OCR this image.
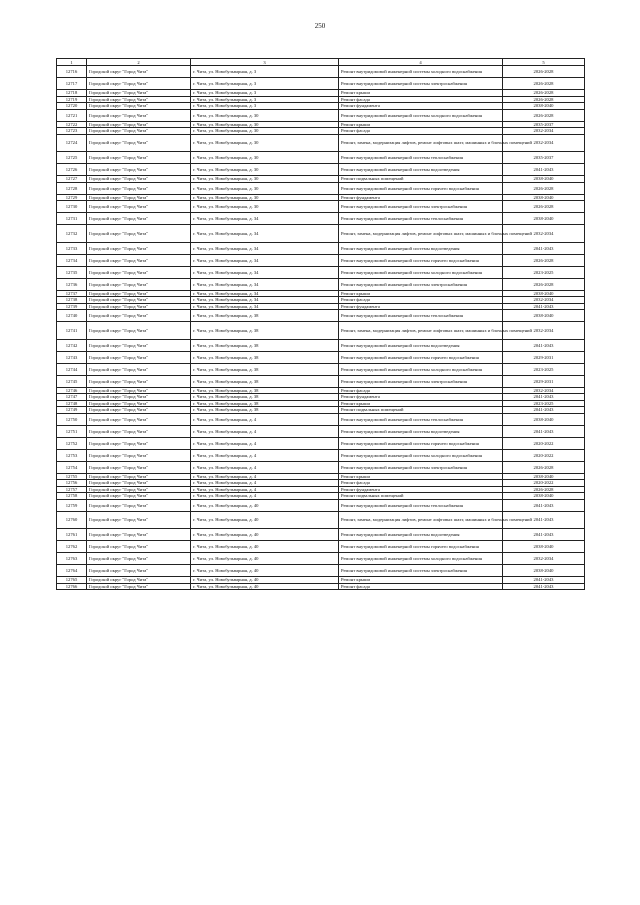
250
1	2	3	4	5
12716	Городской округ "Город Чита"	г. Чита, ул. Новобульварная, д. 3	Ремонт внутридомовой инженерной системы холодного водоснабжения	2026-2028
12717	Городской округ "Город Чита"	г. Чита, ул. Новобульварная, д. 3	Ремонт внутридомовой инженерной системы электроснабжения	2026-2028
12718	Городской округ "Город Чита"	г. Чита, ул. Новобульварная, д. 3	Ремонт крыши	2026-2028
12719	Городской округ "Город Чита"	г. Чита, ул. Новобульварная, д. 3	Ремонт фасада	2026-2028
12720	Городской округ "Город Чита"	г. Чита, ул. Новобульварная, д. 3	Ремонт фундамента	2038-2040
12721	Городской округ "Город Чита"	г. Чита, ул. Новобульварная, д. 30	Ремонт внутридомовой инженерной системы холодного водоснабжения	2026-2028
12722	Городской округ "Город Чита"	г. Чита, ул. Новобульварная, д. 30	Ремонт крыши	2035-2037
12723	Городской округ "Город Чита"	г. Чита, ул. Новобульварная, д. 30	Ремонт фасада	2032-2034
12724	Городской округ "Город Чита"	г. Чита, ул. Новобульварная, д. 30	Ремонт, замена, модернизация лифтов, ремонт лифтовых шахт, машинных и блочных помещений	2032-2034
12725	Городской округ "Город Чита"	г. Чита, ул. Новобульварная, д. 30	Ремонт внутридомовой инженерной системы теплоснабжения	2035-2037
12726	Городской округ "Город Чита"	г. Чита, ул. Новобульварная, д. 30	Ремонт внутридомовой инженерной системы водоотведения	2041-2043
12727	Городской округ "Город Чита"	г. Чита, ул. Новобульварная, д. 30	Ремонт подвальных помещений	2038-2040
12728	Городской округ "Город Чита"	г. Чита, ул. Новобульварная, д. 30	Ремонт внутридомовой инженерной системы горячего водоснабжения	2026-2028
12729	Городской округ "Город Чита"	г. Чита, ул. Новобульварная, д. 30	Ремонт фундамента	2038-2040
12730	Городской округ "Город Чита"	г. Чита, ул. Новобульварная, д. 30	Ремонт внутридомовой инженерной системы электроснабжения	2026-2028
12731	Городской округ "Город Чита"	г. Чита, ул. Новобульварная, д. 34	Ремонт внутридомовой инженерной системы теплоснабжения	2038-2040
12732	Городской округ "Город Чита"	г. Чита, ул. Новобульварная, д. 34	Ремонт, замена, модернизация лифтов, ремонт лифтовых шахт, машинных и блочных помещений	2032-2034
12733	Городской округ "Город Чита"	г. Чита, ул. Новобульварная, д. 34	Ремонт внутридомовой инженерной системы водоотведения	2041-2043
12734	Городской округ "Город Чита"	г. Чита, ул. Новобульварная, д. 34	Ремонт внутридомовой инженерной системы горячего водоснабжения	2026-2028
12735	Городской округ "Город Чита"	г. Чита, ул. Новобульварная, д. 34	Ремонт внутридомовой инженерной системы холодного водоснабжения	2023-2025
12736	Городской округ "Город Чита"	г. Чита, ул. Новобульварная, д. 34	Ремонт внутридомовой инженерной системы электроснабжения	2026-2028
12737	Городской округ "Город Чита"	г. Чита, ул. Новобульварная, д. 34	Ремонт крыши	2038-2040
12738	Городской округ "Город Чита"	г. Чита, ул. Новобульварная, д. 34	Ремонт фасада	2032-2034
12739	Городской округ "Город Чита"	г. Чита, ул. Новобульварная, д. 34	Ремонт фундамента	2041-2043
12740	Городской округ "Город Чита"	г. Чита, ул. Новобульварная, д. 38	Ремонт внутридомовой инженерной системы теплоснабжения	2038-2040
12741	Городской округ "Город Чита"	г. Чита, ул. Новобульварная, д. 38	Ремонт, замена, модернизация лифтов, ремонт лифтовых шахт, машинных и блочных помещений	2032-2034
12742	Городской округ "Город Чита"	г. Чита, ул. Новобульварная, д. 38	Ремонт внутридомовой инженерной системы водоотведения	2041-2043
12743	Городской округ "Город Чита"	г. Чита, ул. Новобульварная, д. 38	Ремонт внутридомовой инженерной системы горячего водоснабжения	2029-2031
12744	Городской округ "Город Чита"	г. Чита, ул. Новобульварная, д. 38	Ремонт внутридомовой инженерной системы холодного водоснабжения	2023-2025
12745	Городской округ "Город Чита"	г. Чита, ул. Новобульварная, д. 38	Ремонт внутридомовой инженерной системы электроснабжения	2029-2031
12746	Городской округ "Город Чита"	г. Чита, ул. Новобульварная, д. 38	Ремонт фасада	2032-2034
12747	Городской округ "Город Чита"	г. Чита, ул. Новобульварная, д. 38	Ремонт фундамента	2041-2043
12748	Городской округ "Город Чита"	г. Чита, ул. Новобульварная, д. 38	Ремонт крыши	2023-2025
12749	Городской округ "Город Чита"	г. Чита, ул. Новобульварная, д. 38	Ремонт подвальных помещений	2041-2043
12750	Городской округ "Город Чита"	г. Чита, ул. Новобульварная, д. 4	Ремонт внутридомовой инженерной системы теплоснабжения	2038-2040
12751	Городской округ "Город Чита"	г. Чита, ул. Новобульварная, д. 4	Ремонт внутридомовой инженерной системы водоотведения	2041-2043
12752	Городской округ "Город Чита"	г. Чита, ул. Новобульварная, д. 4	Ремонт внутридомовой инженерной системы горячего водоснабжения	2020-2022
12753	Городской округ "Город Чита"	г. Чита, ул. Новобульварная, д. 4	Ремонт внутридомовой инженерной системы холодного водоснабжения	2020-2022
12754	Городской округ "Город Чита"	г. Чита, ул. Новобульварная, д. 4	Ремонт внутридомовой инженерной системы электроснабжения	2026-2028
12755	Городской округ "Город Чита"	г. Чита, ул. Новобульварная, д. 4	Ремонт крыши	2038-2040
12756	Городской округ "Город Чита"	г. Чита, ул. Новобульварная, д. 4	Ремонт фасада	2020-2022
12757	Городской округ "Город Чита"	г. Чита, ул. Новобульварная, д. 4	Ремонт фундамента	2026-2028
12758	Городской округ "Город Чита"	г. Чита, ул. Новобульварная, д. 4	Ремонт подвальных помещений	2038-2040
12759	Городской округ "Город Чита"	г. Чита, ул. Новобульварная, д. 40	Ремонт внутридомовой инженерной системы теплоснабжения	2041-2043
12760	Городской округ "Город Чита"	г. Чита, ул. Новобульварная, д. 40	Ремонт, замена, модернизация лифтов, ремонт лифтовых шахт, машинных и блочных помещений	2041-2043
12761	Городской округ "Город Чита"	г. Чита, ул. Новобульварная, д. 40	Ремонт внутридомовой инженерной системы водоотведения	2041-2043
12762	Городской округ "Город Чита"	г. Чита, ул. Новобульварная, д. 40	Ремонт внутридомовой инженерной системы горячего водоснабжения	2038-2040
12763	Городской округ "Город Чита"	г. Чита, ул. Новобульварная, д. 40	Ремонт внутридомовой инженерной системы холодного водоснабжения	2032-2034
12764	Городской округ "Город Чита"	г. Чита, ул. Новобульварная, д. 40	Ремонт внутридомовой инженерной системы электроснабжения	2038-2040
12765	Городской округ "Город Чита"	г. Чита, ул. Новобульварная, д. 40	Ремонт крыши	2041-2043
12766	Городской округ "Город Чита"	г. Чита, ул. Новобульварная, д. 40	Ремонт фасада	2041-2043
